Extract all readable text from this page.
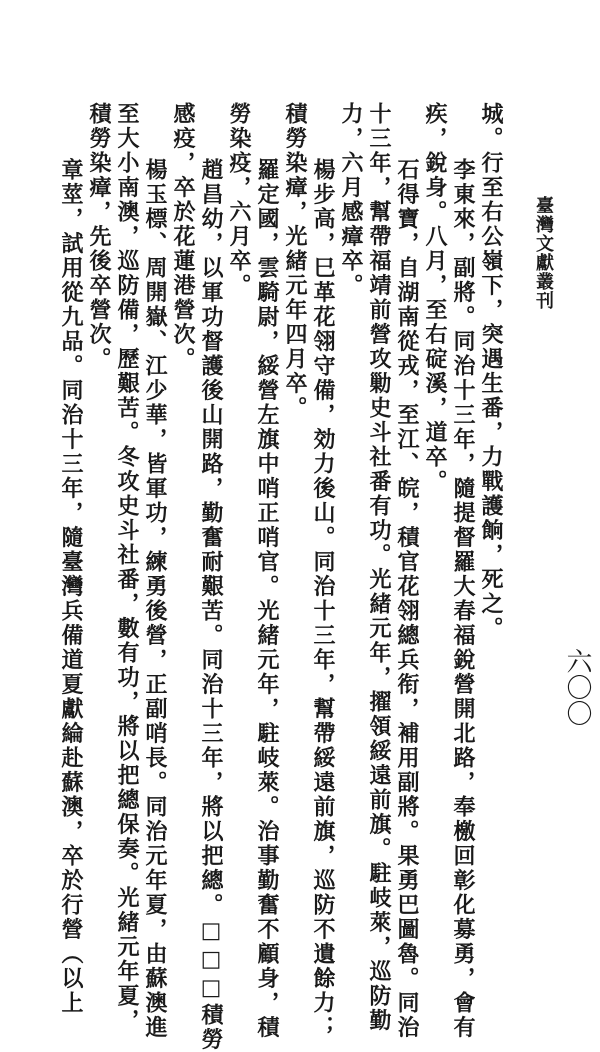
臺灣文獻叢刊
六〇〇
城。行至右公嶺下，突遇生番，力戰護餉，死之。
李東來，副將。同治十三年，隨提督羅大春福銳營開北路，奉檄回彰化募勇，會有
疾，銳身。八月，至右碇溪，道卒。
石得寶，自湖南從戎，至江、皖，積官花翎總兵衔，補用副將。果勇巴圖魯。同治
十三年，幫帶福靖前營攻勦史斗社番有功。光緒元年，擢領綏遠前旗。駐岐萊，巡防勤
力，六月感瘴卒。
楊步高，巳革花翎守備，効力後山。同治十三年，幫帶綏遠前旗，巡防不遺餘力；
積勞染瘴，光緒元年四月卒。
羅定國，雲騎尉，綏營左旗中哨正哨官。光緒元年，駐岐萊。治事勤奮不顧身，積
勞染疫，六月卒。
趙昌幼，以軍功督護後山開路，勤奮耐艱苦。同治十三年，將以把總。□□□積勞
感疫，卒於花蓮港營次。
楊玉標、周開嶽、江少華，皆軍功，練勇後營，正副哨長。同治元年夏，由蘇澳進
至大小南澳，巡防備，歷艱苦。冬攻史斗社番，數有功，將以把總保奏。光緒元年夏，
積勞染瘴，先後卒營次。
章莖，試用從九品。同治十三年，隨臺灣兵備道夏獻綸赴蘇澳，卒於行營（以上
